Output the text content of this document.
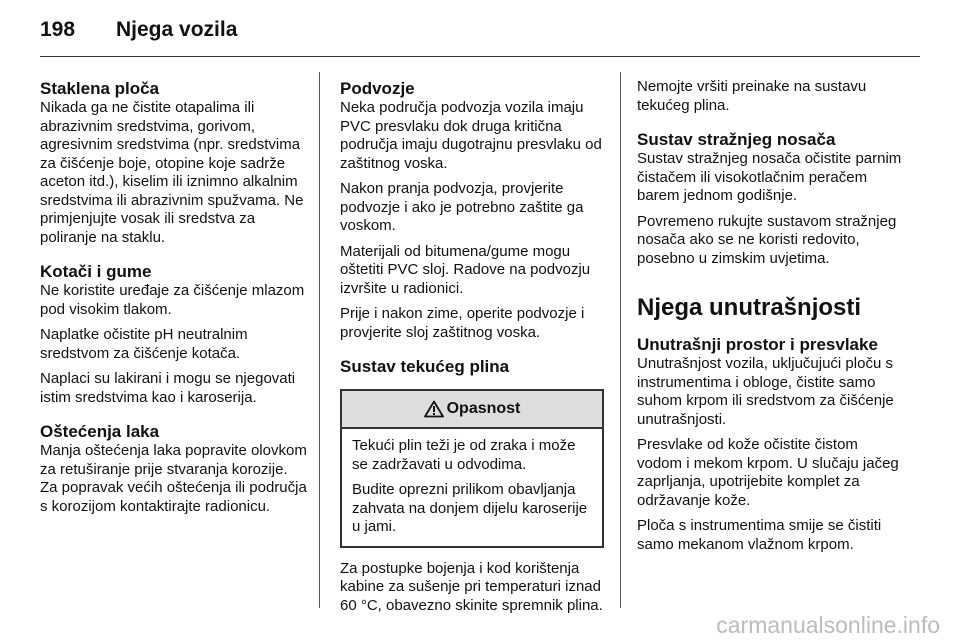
198	Njega vozila
Staklena ploča

Nikada ga ne čistite otapalima ili abrazivnim sredstvima, gorivom, agresivnim sredstvima (npr. sredstvima za čišćenje boje, otopine koje sadrže aceton itd.), kiselim ili iznimno alkalnim sredstvima ili abrazivnim spužvama. Ne primjenjujte vosak ili sredstva za poliranje na staklu.

Kotači i gume

Ne koristite uređaje za čišćenje mlazom pod visokim tlakom.

Naplatke očistite pH neutralnim sredstvom za čišćenje kotača.

Naplaci su lakirani i mogu se njegovati istim sredstvima kao i karoserija.

Oštećenja laka

Manja oštećenja laka popravite olovkom za retuširanje prije stvaranja korozije. Za popravak većih oštećenja ili područja s korozijom kontaktirajte radionicu.

Podvozje

Neka područja podvozja vozila imaju PVC presvlaku dok druga kritična područja imaju dugotrajnu presvlaku od zaštitnog voska.

Nakon pranja podvozja, provjerite podvozje i ako je potrebno zaštite ga voskom.

Materijali od bitumena/gume mogu oštetiti PVC sloj. Radove na podvozju izvršite u radionici.

Prije i nakon zime, operite podvozje i provjerite sloj zaštitnog voska.

Sustav tekućeg plina
Opasnost

Tekući plin teži je od zraka i može se zadržavati u odvodima.

Budite oprezni prilikom obavljanja zahvata na donjem dijelu karoserije u jami.

Za postupke bojenja i kod korištenja kabine za sušenje pri temperaturi iznad 60 °C, obavezno skinite spremnik plina.

Nemojte vršiti preinake na sustavu tekućeg plina.

Sustav stražnjeg nosača

Sustav stražnjeg nosača očistite parnim čistačem ili visokotlačnim peračem barem jednom godišnje.

Povremeno rukujte sustavom stražnjeg nosača ako se ne koristi redovito, posebno u zimskim uvjetima.

Njega unutrašnjosti
Unutrašnji prostor i presvlake

Unutrašnjost vozila, uključujući ploču s instrumentima i obloge, čistite samo suhom krpom ili sredstvom za čišćenje unutrašnjosti.

Presvlake od kože očistite čistom vodom i mekom krpom. U slučaju jačeg zaprljanja, upotrijebite komplet za održavanje kože.

Ploča s instrumentima smije se čistiti samo mekanom vlažnom krpom.

carmanualsonline.info
